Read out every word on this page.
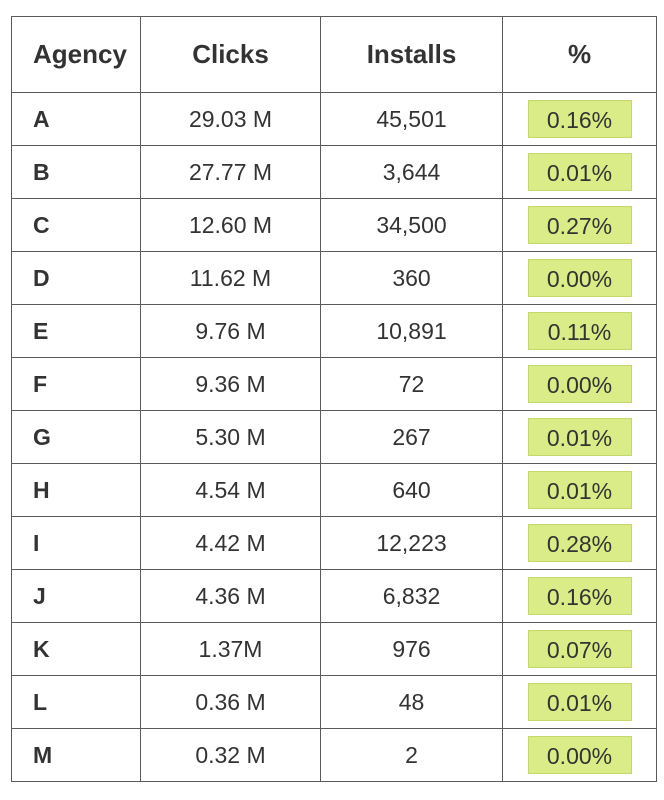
Agency	Clicks	Installs	%
A	29.03 M	45,501	0.16%
B	27.77 M	3,644	0.01%
C	12.60 M	34,500	0.27%
D	11.62 M	360	0.00%
E	9.76 M	10,891	0.11%
F	9.36 M	72	0.00%
G	5.30 M	267	0.01%
H	4.54 M	640	0.01%
I	4.42 M	12,223	0.28%
J	4.36 M	6,832	0.16%
K	1.37M	976	0.07%
L	0.36 M	48	0.01%
M	0.32 M	2	0.00%
